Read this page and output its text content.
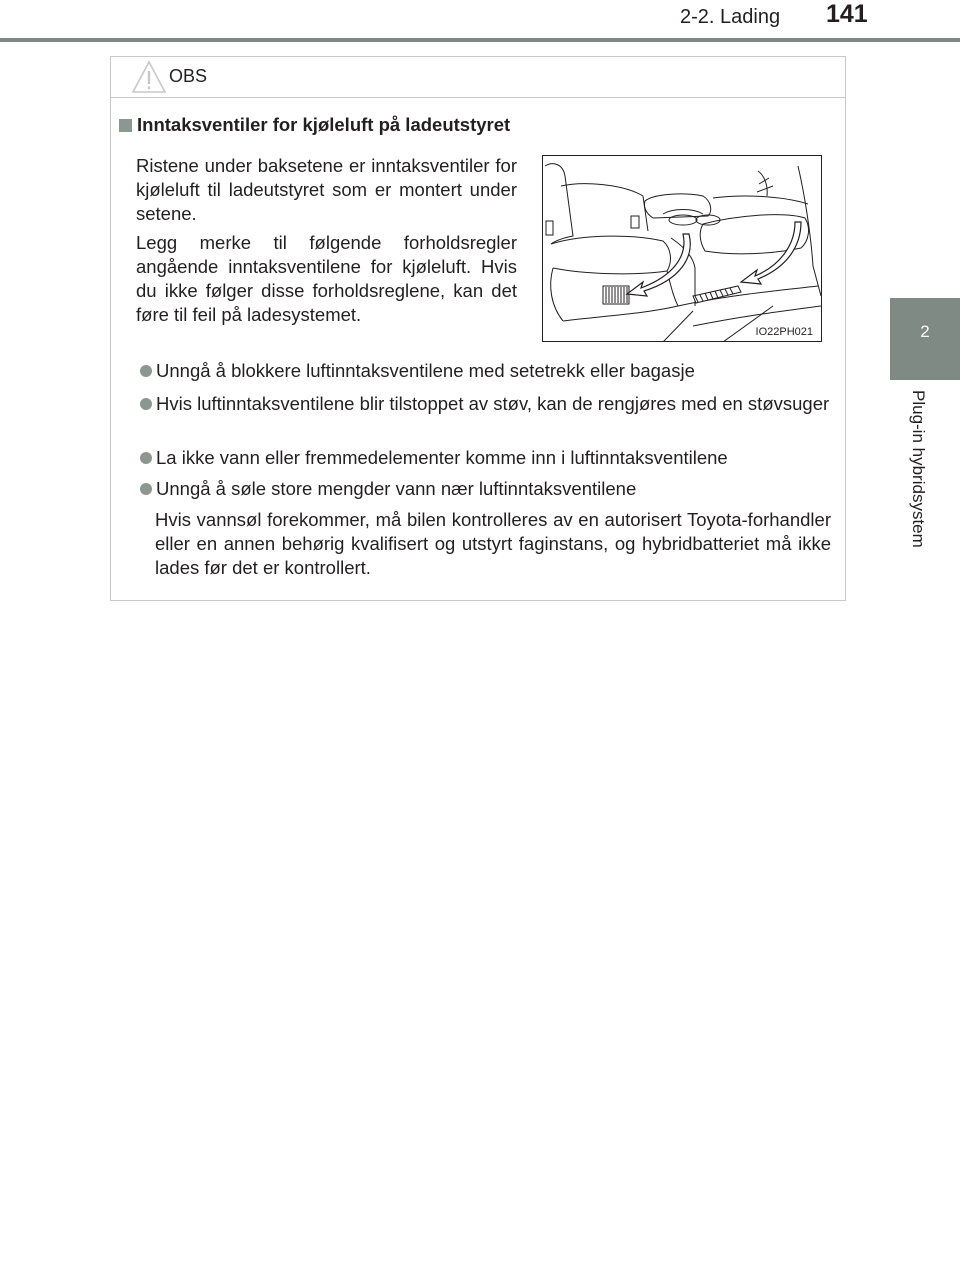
2-2. Lading 141
2
Plug-in hybridsystem
OBS
Inntaksventiler for kjøleluft på ladeutstyret
Ristene under baksetene er inntaksventiler for kjøleluft til ladeutstyret som er montert under setene.
Legg merke til følgende forholdsregler angående inntaksventilene for kjøleluft. Hvis du ikke følger disse forholdsreglene, kan det føre til feil på ladesystemet.
IO22PH021
Unngå å blokkere luftinntaksventilene med setetrekk eller bagasje
Hvis luftinntaksventilene blir tilstoppet av støv, kan de rengjøres med en støvsuger
La ikke vann eller fremmedelementer komme inn i luftinntaksventilene
Unngå å søle store mengder vann nær luftinntaksventilene
Hvis vannsøl forekommer, må bilen kontrolleres av en autorisert Toyota-forhandler eller en annen behørig kvalifisert og utstyrt faginstans, og hybridbatteriet må ikke lades før det er kontrollert.
